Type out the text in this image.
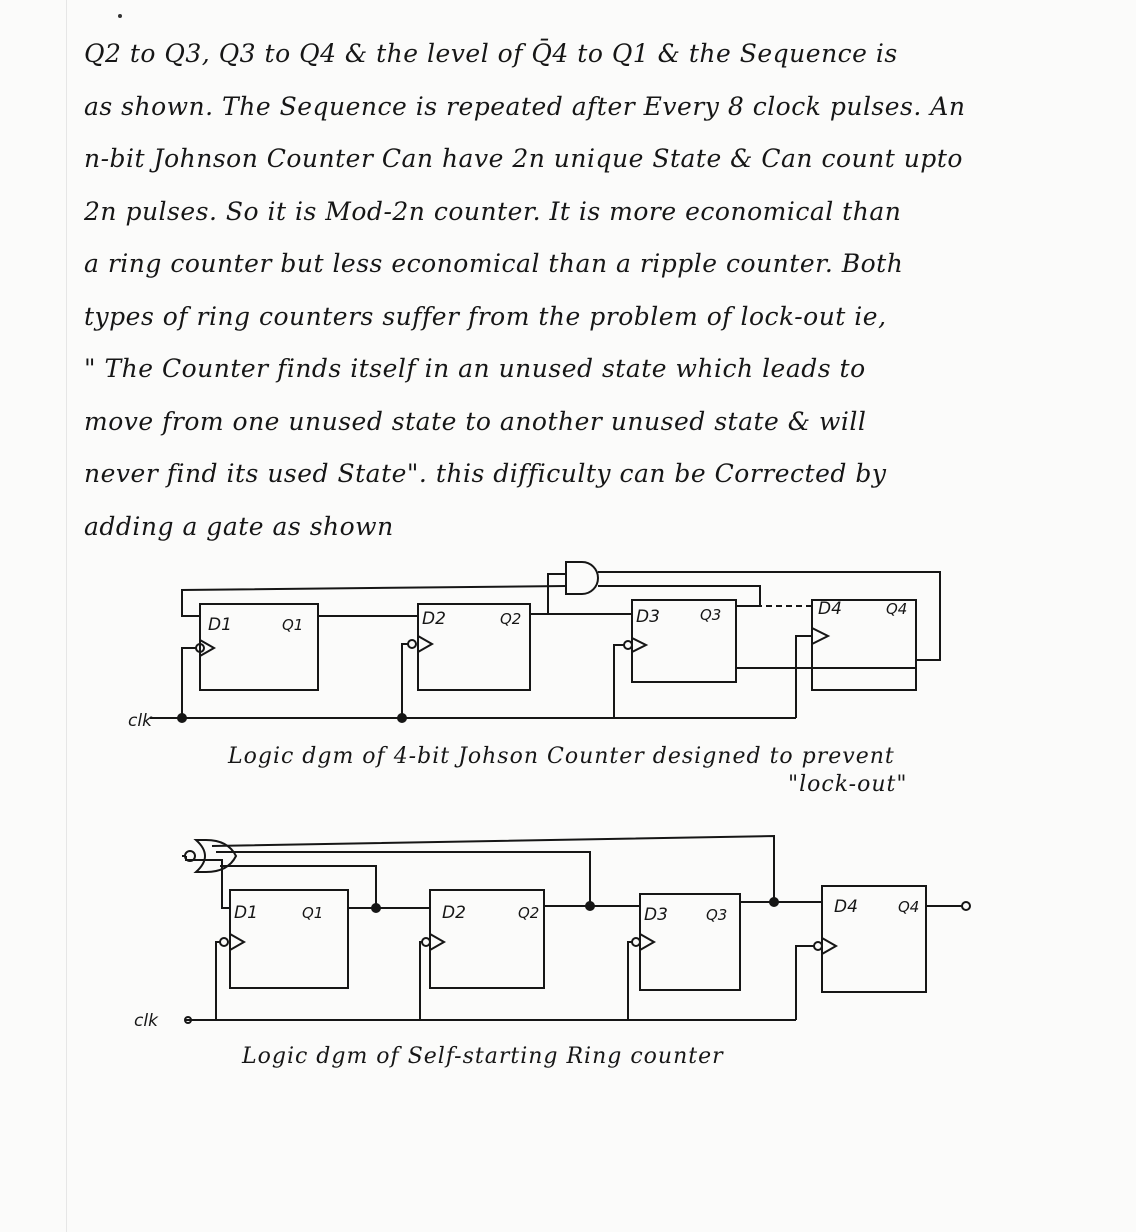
Q2 to Q3, Q3 to Q4 & the level of Q̄4 to Q1 & the Sequence is
as shown. The Sequence is repeated after Every 8 clock pulses. An
n-bit Johnson Counter Can have 2n unique State & Can count upto
2n pulses. So it is Mod-2n counter. It is more economical than
a ring counter but less economical than a ripple counter. Both
types of ring counters suffer from the problem of lock-out ie,
" The Counter finds itself in an unused state which leads to
move from one unused state to another unused state & will
never find its used State". this difficulty can be Corrected by
adding a gate as shown
D1	Q1	D2	Q2	D3	Q3	D4	Q4
clk
Logic dgm of 4-bit Johson Counter designed to prevent
"lock-out"
D1	Q1	D2	Q2	D3	Q3	D4	Q4
clk
Logic dgm of Self-starting Ring counter
